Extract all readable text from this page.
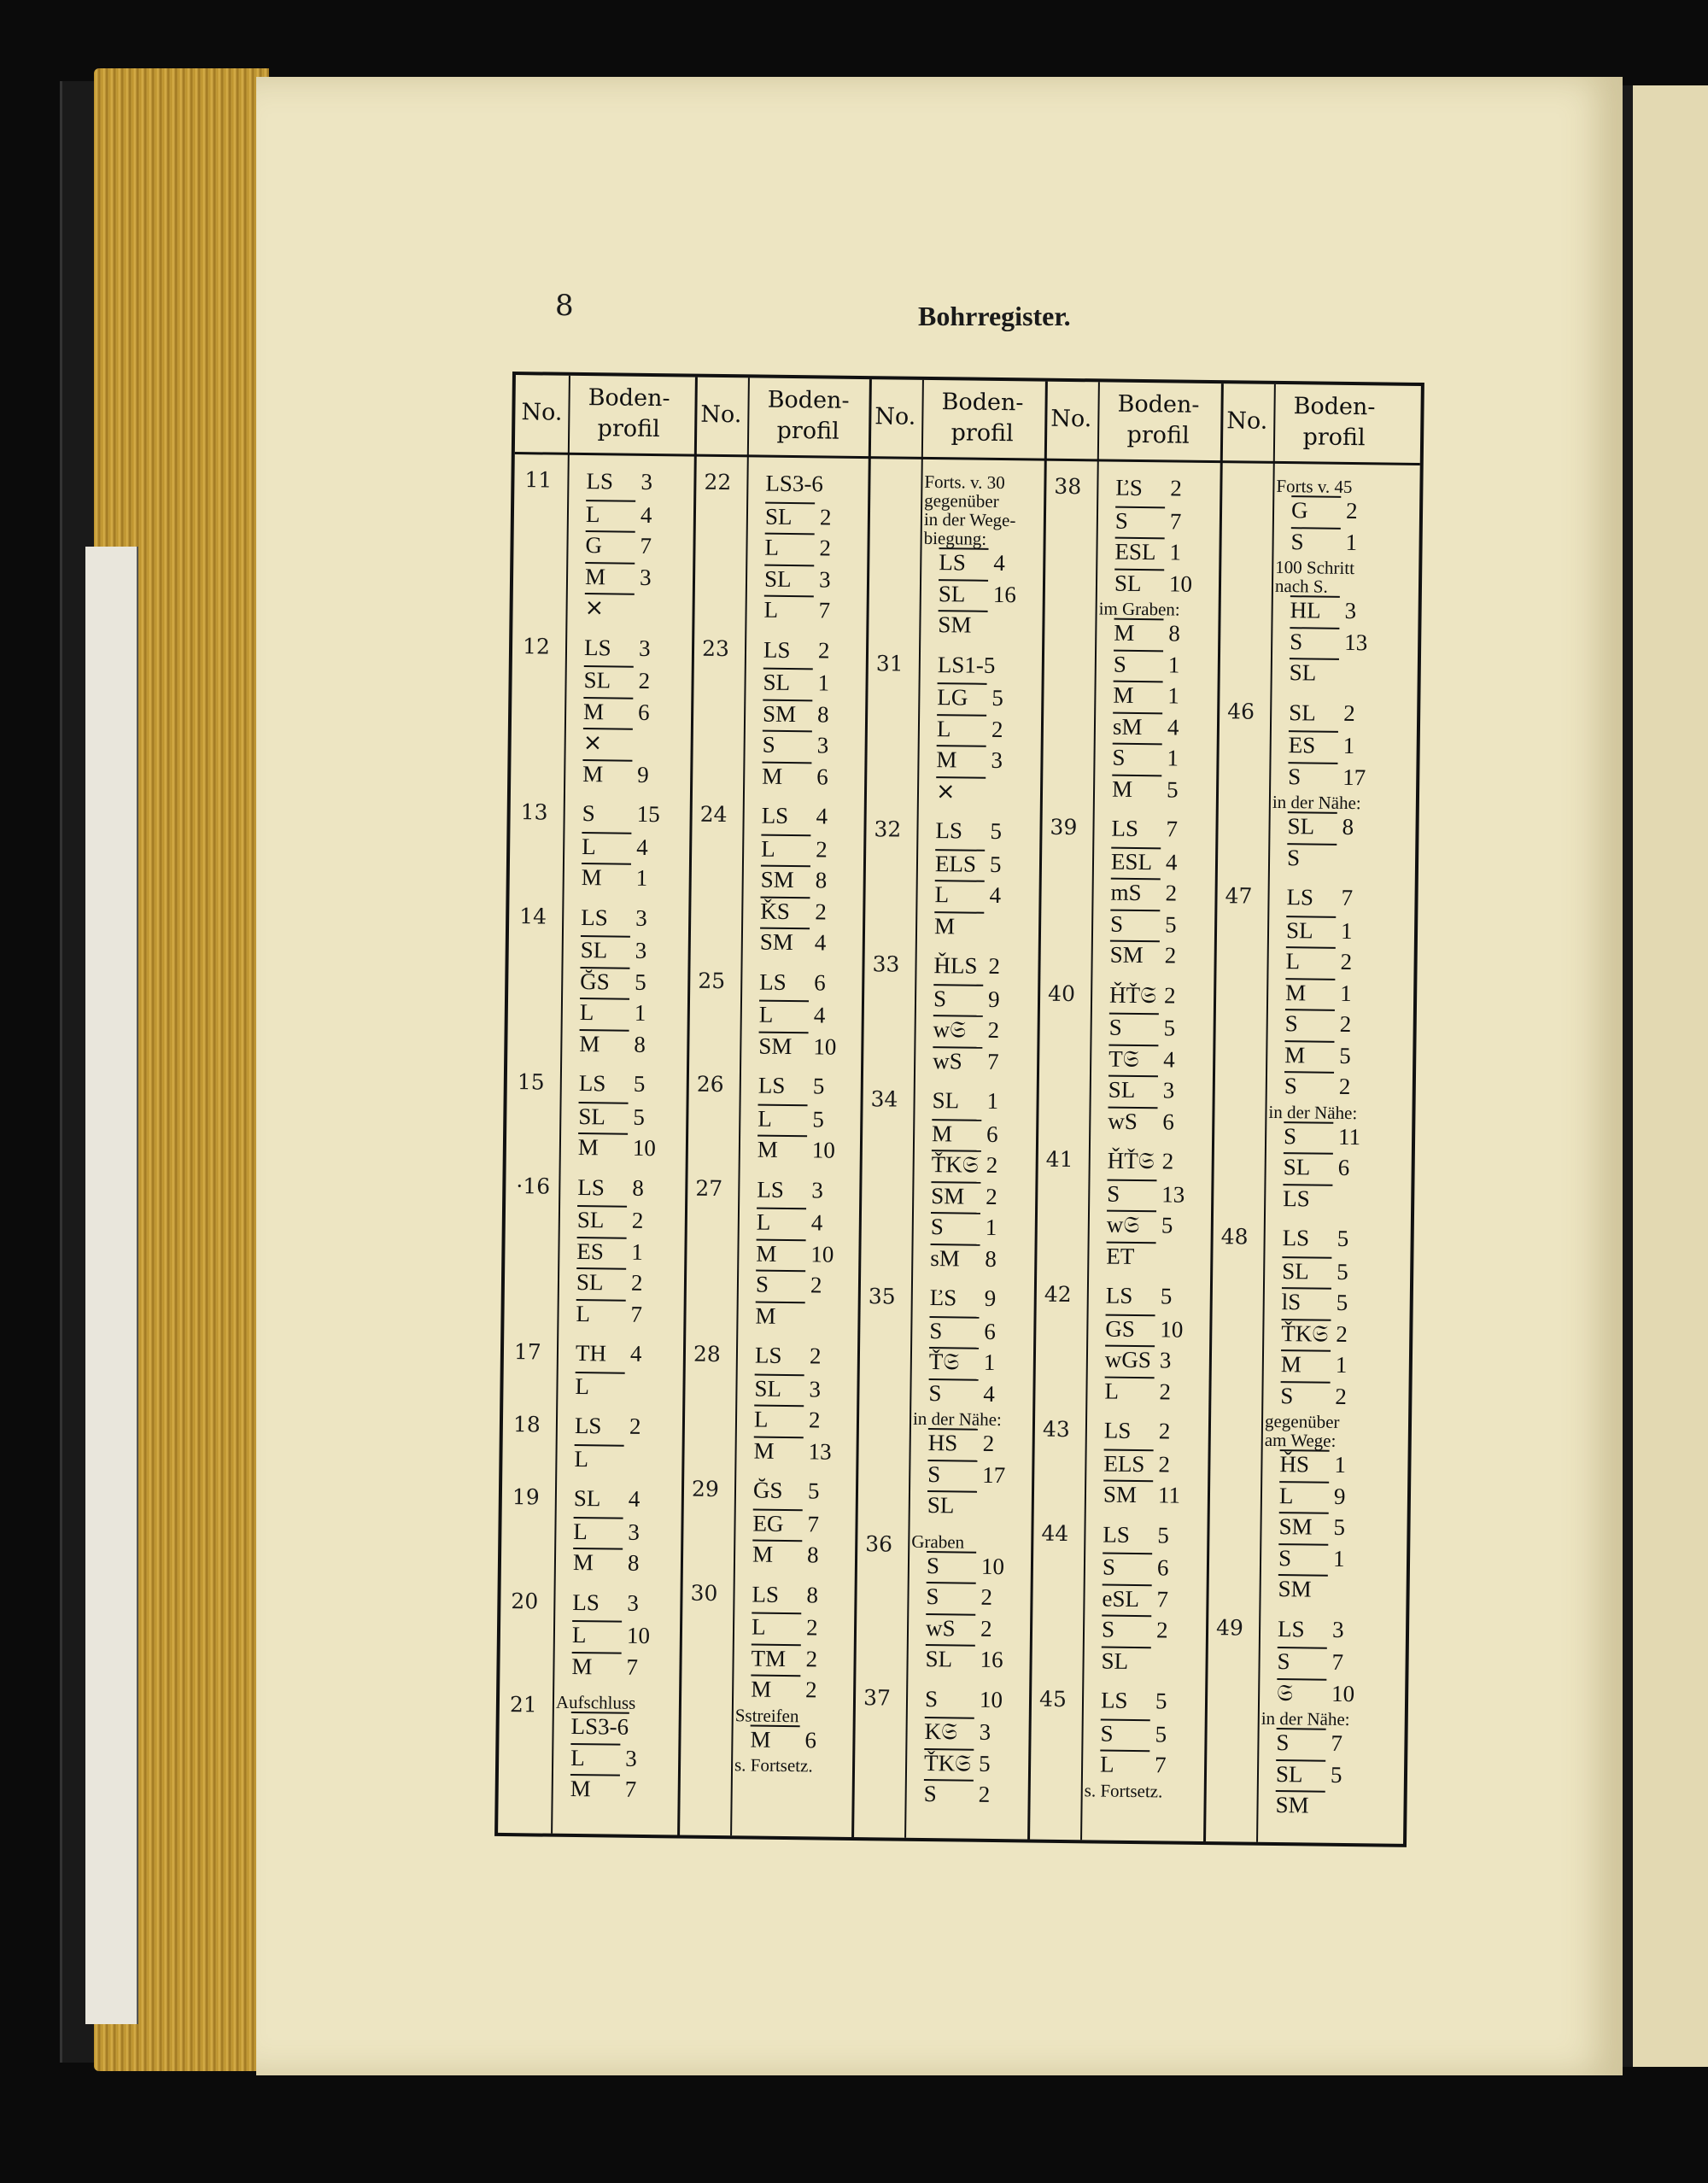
8	Bohrregister.
No.
Boden-
profil
11 LS 3
L 4
G 7
M 3
⨯
12 LS 3
SL 2
M 6
⨯
M 9
13 S 15
L 4
M 1
14 LS 3
SL 3
ĞS 5
L 1
M 8
15 LS 5
SL 5
M 10
·16 LS 8
SL 2
ES 1
SL 2
L 7
17 TH 4
L
18 LS 2
L
19 SL 4
L 3
M 8
20 LS 3
L 10
M 7
21 Aufschluss
LS3-6
L 3
M 7
No.
Boden-
profil
22 LS3-6
SL 2
L 2
SL 3
L 7
23 LS 2
SL 1
SM 8
S 3
M 6
24 LS 4
L 2
SM 8
ǨS 2
SM 4
25 LS 6
L 4
SM 10
26 LS 5
L 5
M 10
27 LS 3
L 4
M 10
S 2
M
28 LS 2
SL 3
L 2
M 13
29 ĞS 5
EG 7
M 8
30 LS 8
L 2
TM 2
M 2
Sstreifen
M 6
s. Fortsetz.
No.
Boden-
profil
Forts. v. 30
gegenüber
in der Wege-
biegung:
LS 4
SL 16
SM
31 LS1-5
LG 5
L 2
M 3
⨯
32 LS 5
ELS 5
L 4
M
33 ȞLS 2
S 9
w𝔖 2
wS 7
34 SL 1
M 6
ŤK𝔖 2
SM 2
S 1
sM 8
35 ĽS 9
S 6
Ť𝔖 1
S 4
in der Nähe:
HS 2
S 17
SL
36 Graben
S 10
S 2
wS 2
SL 16
37 S 10
K𝔖 3
ŤK𝔖 5
S 2
No.
Boden-
profil
38 ĽS 2
S 7
ESL 1
SL 10
im Graben:
M 8
S 1
M 1
sM 4
S 1
M 5
39 LS 7
ESL 4
mS 2
S 5
SM 2
40 ȞŤ𝔖 2
S 5
T𝔖 4
SL 3
wS 6
41 ȞŤ𝔖 2
S 13
w𝔖 5
ET
42 LS 5
GS 10
wGS 3
L 2
43 LS 2
ELS 2
SM 11
44 LS 5
S 6
eSL 7
S 2
SL
45 LS 5
S 5
L 7
s. Fortsetz.
No.
Boden-
profil
Forts v. 45
G 2
S 1
100 Schritt
nach S.
HL 3
S 13
SL
46 SL 2
ES 1
S 17
in der Nähe:
SL 8
S
47 LS 7
SL 1
L 2
M 1
S 2
M 5
S 2
in der Nähe:
S 11
SL 6
LS
48 LS 5
SL 5
lS 5
ŤK𝔖 2
M 1
S 2
gegenüber
am Wege:
ȞS 1
L 9
SM 5
S 1
SM
49 LS 3
S 7
𝔖 10
in der Nähe:
S 7
SL 5
SM
